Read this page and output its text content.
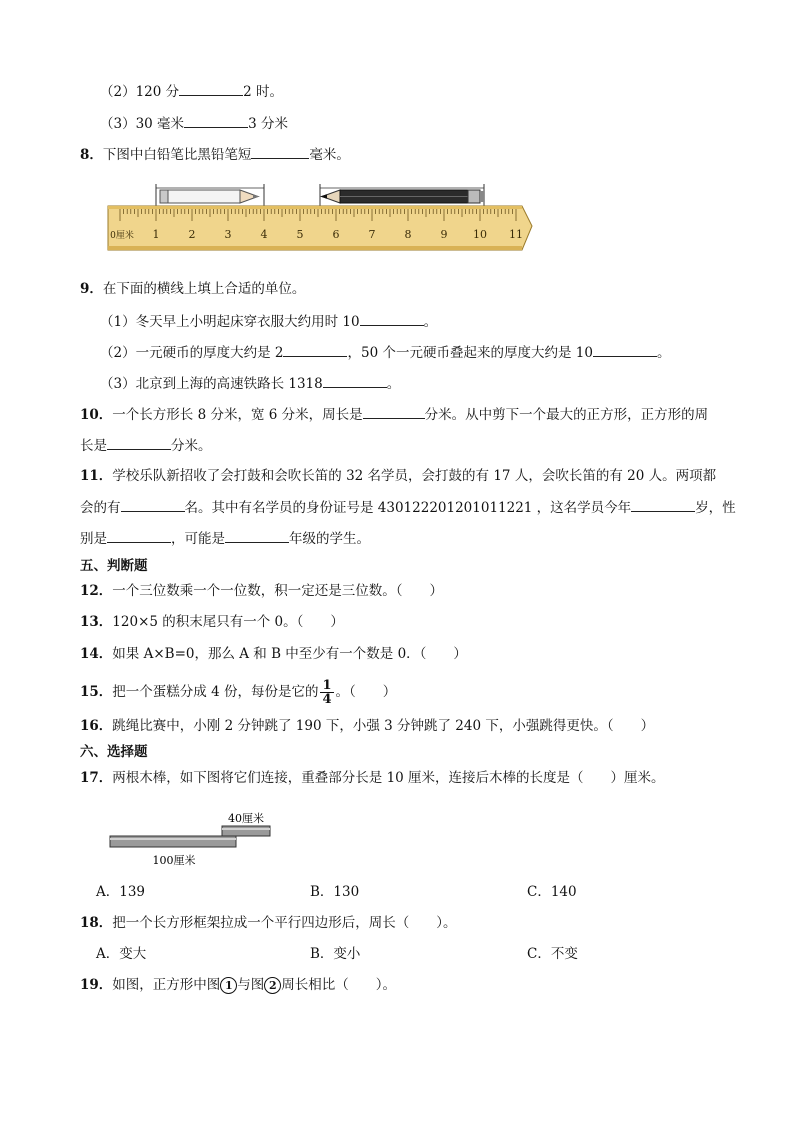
（2）120 分	2 时。
（3）30 毫米	3 分米
8．下图中白铅笔比黑铅笔短	毫米。
0厘米 1	2	3	4	5	6	7	8	9 10 11
9．在下面的横线上填上合适的单位。
（1）冬天早上小明起床穿衣服大约用时 10	。
（2）一元硬币的厚度大约是 2	，50 个一元硬币叠起来的厚度大约是 10	。
（3）北京到上海的高速铁路长 1318	。
10．一个长方形长 8 分米，宽 6 分米，周长是	分米。从中剪下一个最大的正方形，正方形的周
长是	分米。
11．学校乐队新招收了会打鼓和会吹长笛的 32 名学员，会打鼓的有 17 人，会吹长笛的有 20 人。两项都
会的有	名。其中有名学员的身份证号是 430122201201011221 ，这名学员今年	岁，性
别是	，可能是	年级的学生。
五、判断题
12．一个三位数乘一个一位数，积一定还是三位数。（　　）
13．120×5 的积末尾只有一个 0。（　　）
14．如果 A×B=0，那么 A 和 B 中至少有一个数是 0．（　　）
15．把一个蛋糕分成 4 份，每份是它的 $\frac{1}{4}$ 。（　　）
16．跳绳比赛中，小刚 2 分钟跳了 190 下，小强 3 分钟跳了 240 下，小强跳得更快。（　　）
六、选择题
17．两根木棒，如下图将它们连接，重叠部分长是 10 厘米，连接后木棒的长度是（　　）厘米。
40厘米
100厘米
A．139	B．130	C．140
18．把一个长方形框架拉成一个平行四边形后，周长（　　）。
A．变大	B．变小	C．不变
19．如图，正方形中图 1 与图 2 周长相比（　　）。
